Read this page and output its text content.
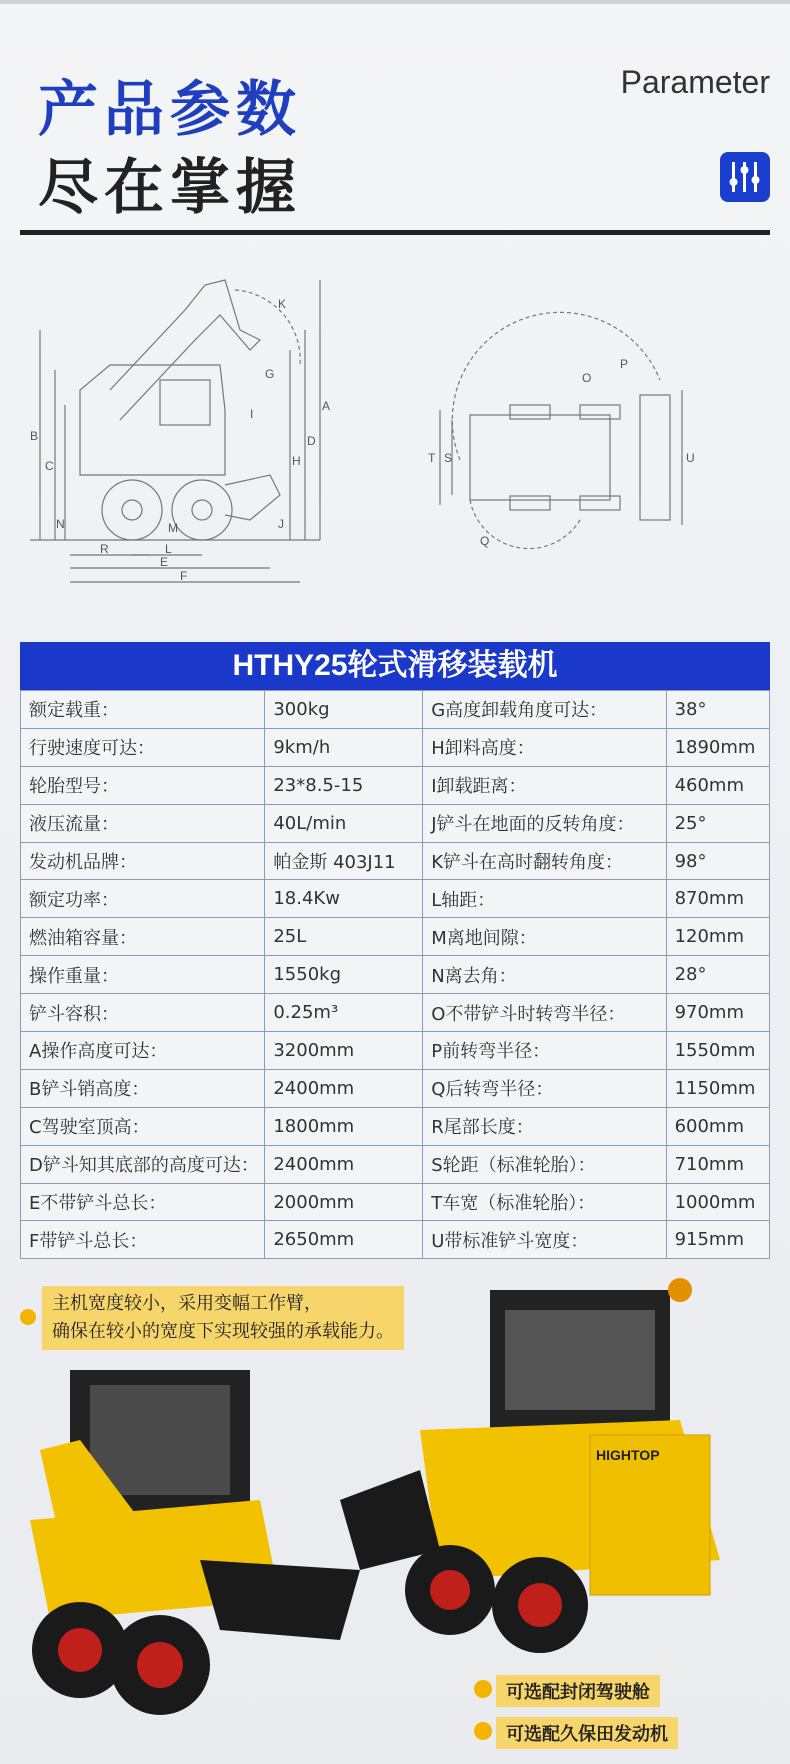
产品参数
尽在掌握
Parameter
K
G
I
A
B
C
D
H
J
N	M
R	L
E
F
P
O
T S	U
Q
HTHY25轮式滑移装载机
额定载重：	300kg	G高度卸载角度可达：	38°
行驶速度可达：	9km/h	H卸料高度：	1890mm
轮胎型号：	23*8.5-15	I卸载距离：	460mm
液压流量：	40L/min	J铲斗在地面的反转角度：	25°
发动机品牌：	帕金斯 403J11	K铲斗在高时翻转角度：	98°
额定功率：	18.4Kw	L轴距：	870mm
燃油箱容量：	25L	M离地间隙：	120mm
操作重量：	1550kg	N离去角：	28°
铲斗容积：	0.25m³	O不带铲斗时转弯半径：	970mm
A操作高度可达：	3200mm	P前转弯半径：	1550mm
B铲斗销高度：	2400mm	Q后转弯半径：	1150mm
C驾驶室顶高：	1800mm	R尾部长度：	600mm
D铲斗知其底部的高度可达：	2400mm	S轮距（标准轮胎）：	710mm
E不带铲斗总长：	2000mm	T车宽（标准轮胎）：	1000mm
F带铲斗总长：	2650mm	U带标准铲斗宽度：	915mm
主机宽度较小，采用变幅工作臂，
确保在较小的宽度下实现较强的承载能力。
HIGHTOP
可选配封闭驾驶舱
可选配久保田发动机
